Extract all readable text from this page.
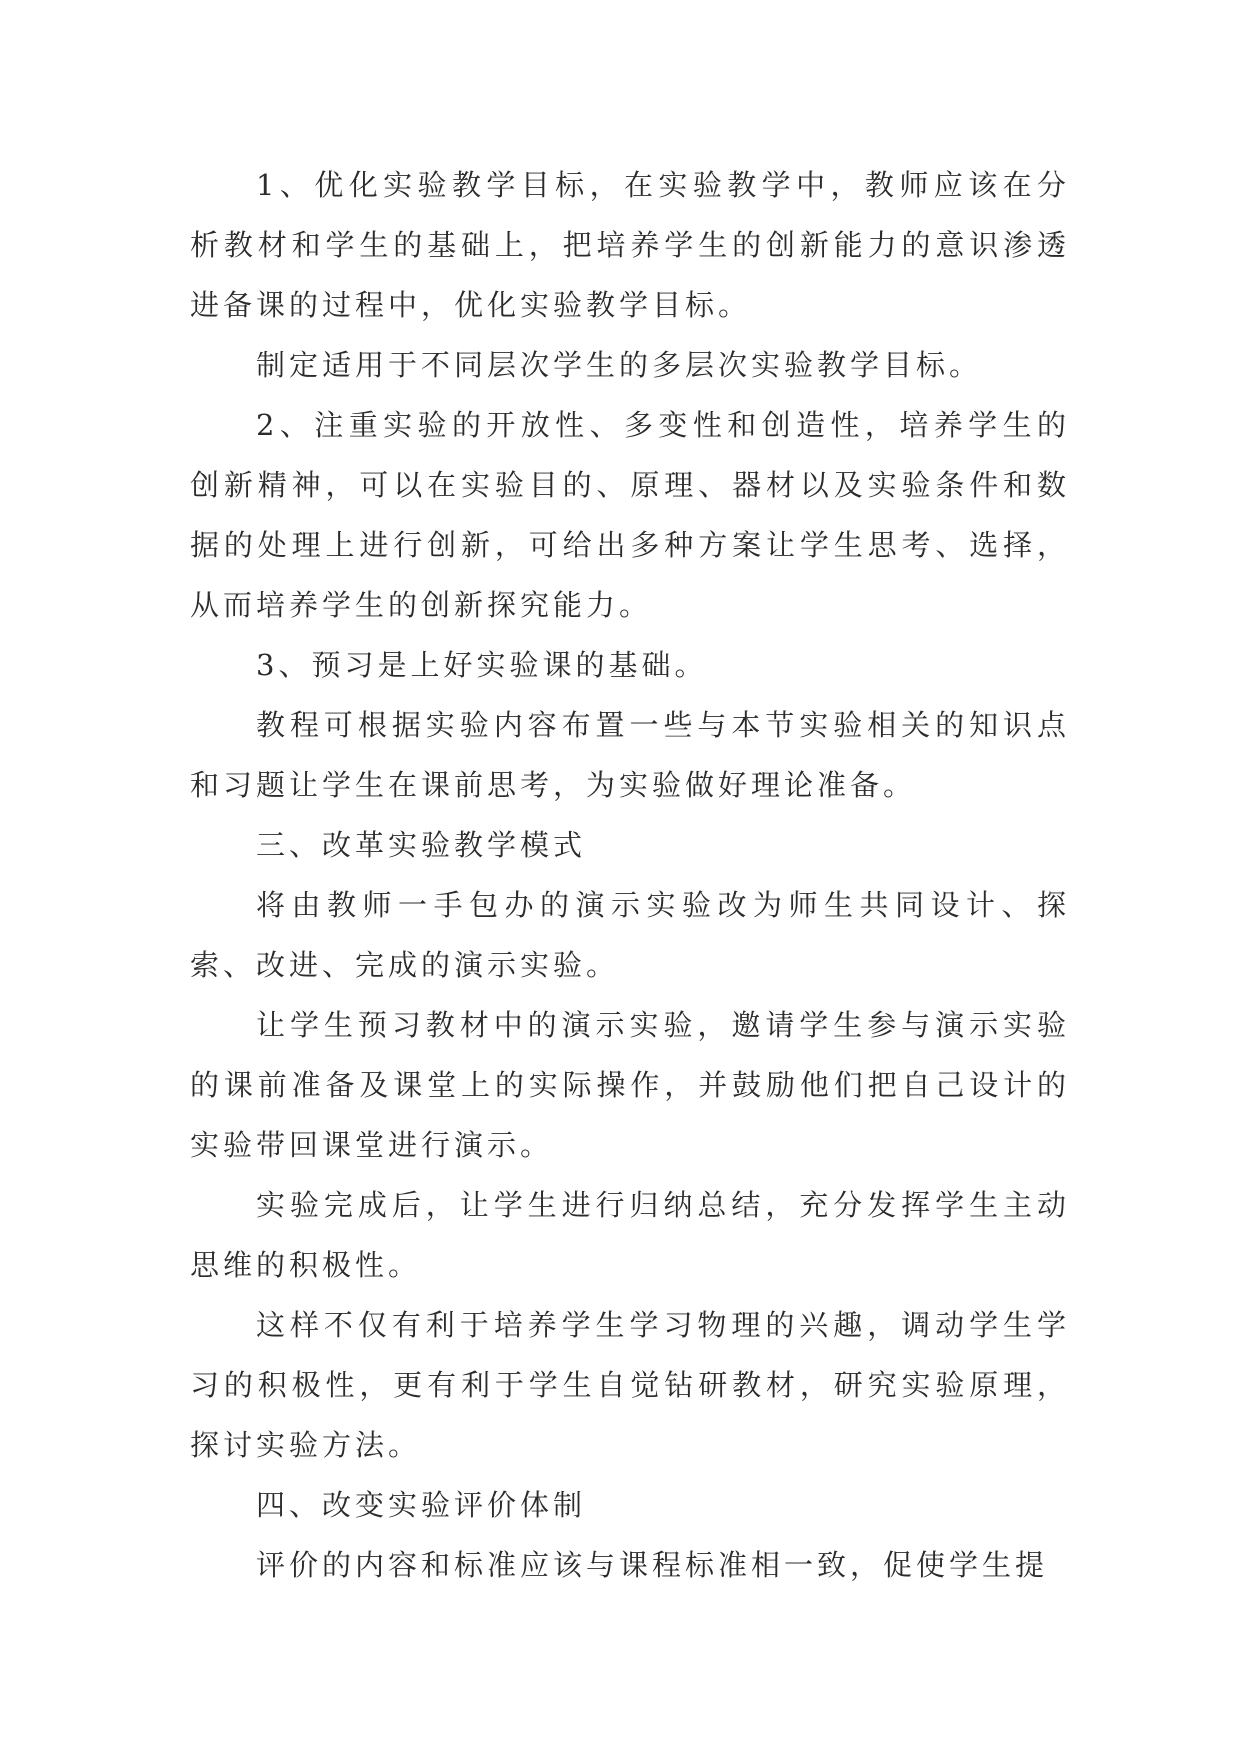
1、优化实验教学目标，在实验教学中，教师应该在分析教材和学生的基础上，把培养学生的创新能力的意识渗透进备课的过程中，优化实验教学目标。

制定适用于不同层次学生的多层次实验教学目标。

2、注重实验的开放性、多变性和创造性，培养学生的创新精神，可以在实验目的、原理、器材以及实验条件和数据的处理上进行创新，可给出多种方案让学生思考、选择，从而培养学生的创新探究能力。

3、预习是上好实验课的基础。

教程可根据实验内容布置一些与本节实验相关的知识点和习题让学生在课前思考，为实验做好理论准备。

三、改革实验教学模式

将由教师一手包办的演示实验改为师生共同设计、探索、改进、完成的演示实验。

让学生预习教材中的演示实验，邀请学生参与演示实验的课前准备及课堂上的实际操作，并鼓励他们把自己设计的实验带回课堂进行演示。

实验完成后，让学生进行归纳总结，充分发挥学生主动思维的积极性。

这样不仅有利于培养学生学习物理的兴趣，调动学生学习的积极性，更有利于学生自觉钻研教材，研究实验原理，探讨实验方法。

四、改变实验评价体制

评价的内容和标准应该与课程标准相一致，促使学生提
